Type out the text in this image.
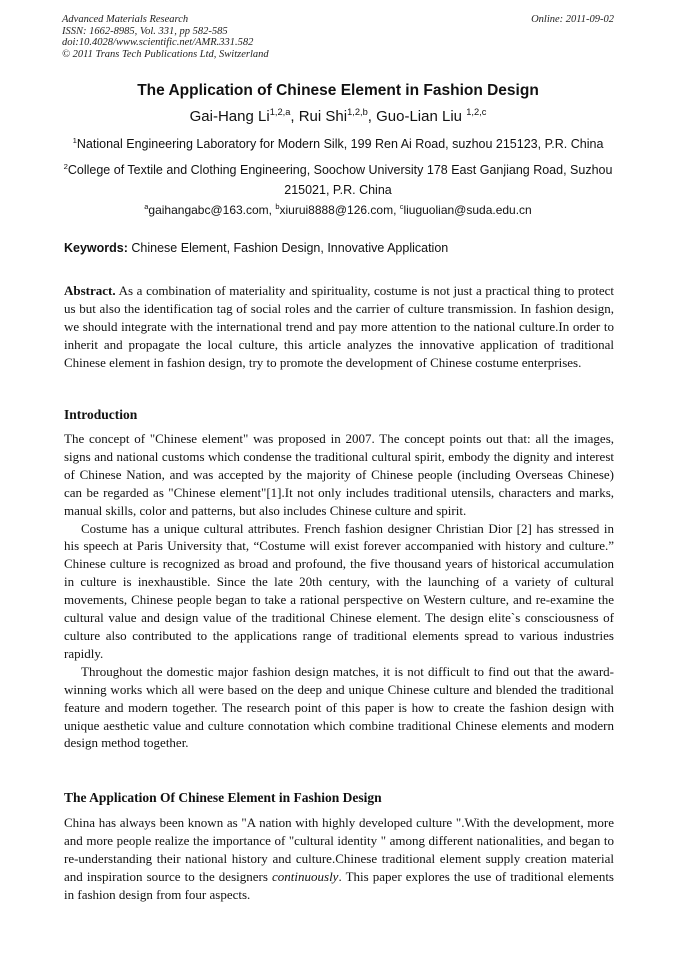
Advanced Materials Research
ISSN: 1662-8985, Vol. 331, pp 582-585
doi:10.4028/www.scientific.net/AMR.331.582
© 2011 Trans Tech Publications Ltd, Switzerland
Online: 2011-09-02
The Application of Chinese Element in Fashion Design
Gai-Hang Li$^{1,2,a}$, Rui Shi$^{1,2,b}$, Guo-Lian Liu $^{1,2,c}$
$^1$National Engineering Laboratory for Modern Silk, 199 Ren Ai Road, suzhou 215123, P.R. China
$^2$College of Textile and Clothing Engineering, Soochow University 178 East Ganjiang Road, Suzhou 215021, P.R. China
$^a$gaihangabc@163.com, $^b$xiurui8888@126.com, $^c$liuguolian@suda.edu.cn
Keywords: Chinese Element, Fashion Design, Innovative Application

Abstract. As a combination of materiality and spirituality, costume is not just a practical thing to protect us but also the identification tag of social roles and the carrier of culture transmission. In fashion design, we should integrate with the international trend and pay more attention to the national culture.In order to inherit and propagate the local culture, this article analyzes the innovative application of traditional Chinese element in fashion design, try to promote the development of Chinese costume enterprises.

Introduction

The concept of "Chinese element" was proposed in 2007. The concept points out that: all the images, signs and national customs which condense the traditional cultural spirit, embody the dignity and interest of Chinese Nation, and was accepted by the majority of Chinese people (including Overseas Chinese) can be regarded as "Chinese element"[1].It not only includes traditional utensils, characters and marks, manual skills, color and patterns, but also includes Chinese culture and spirit.

Costume has a unique cultural attributes. French fashion designer Christian Dior [2] has stressed in his speech at Paris University that, “Costume will exist forever accompanied with history and culture.” Chinese culture is recognized as broad and profound, the five thousand years of historical accumulation in culture is inexhaustible. Since the late 20th century, with the launching of a variety of cultural movements, Chinese people began to take a rational perspective on Western culture, and re-examine the cultural value and design value of the traditional Chinese element. The design elite`s consciousness of culture also contributed to the applications range of traditional elements spread to various industries rapidly.

Throughout the domestic major fashion design matches, it is not difficult to find out that the award-winning works which all were based on the deep and unique Chinese culture and blended the traditional feature and modern together. The research point of this paper is how to create the fashion design with unique aesthetic value and culture connotation which combine traditional Chinese elements and modern design method together.

The Application Of Chinese Element in Fashion Design

China has always been known as "A nation with highly developed culture ".With the development, more and more people realize the importance of "cultural identity " among different nationalities, and began to re-understanding their national history and culture.Chinese traditional element supply creation material and inspiration source to the designers continuously. This paper explores the use of traditional elements in fashion design from four aspects.
